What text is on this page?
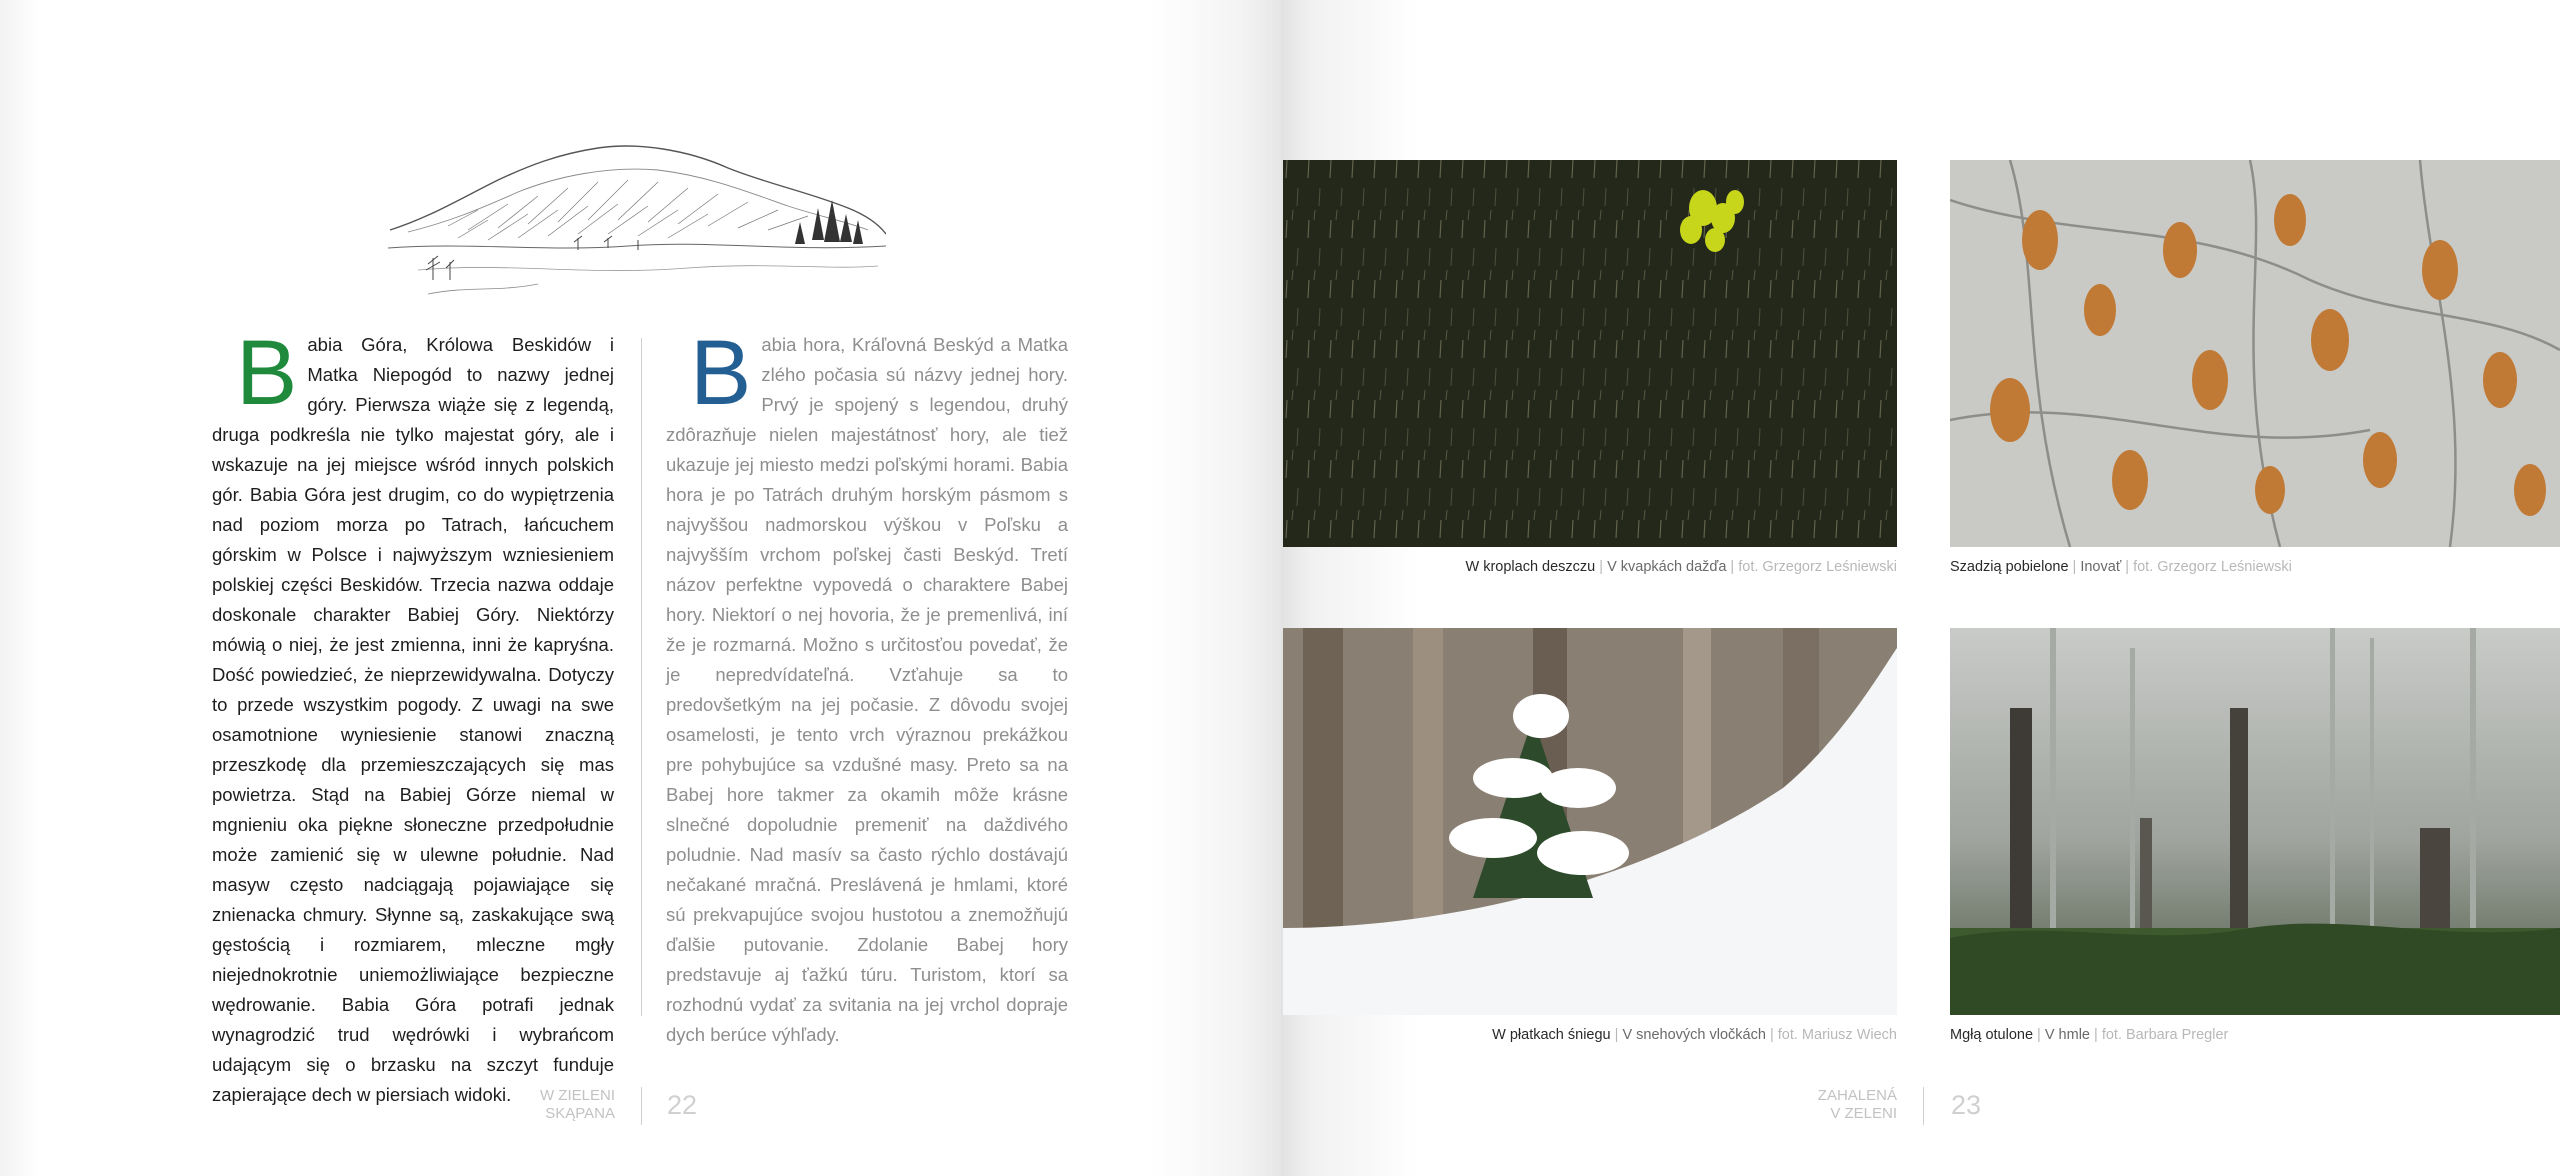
B abia Góra, Królowa Beskidów i Matka Niepogód to nazwy jednej góry. Pierwsza wiąże się z legendą, druga podkreśla nie tylko majestat góry, ale i wskazuje na jej miejsce wśród innych polskich gór. Babia Góra jest drugim, co do wypiętrzenia nad poziom morza po Tatrach, łańcuchem górskim w Polsce i najwyższym wzniesieniem polskiej części Beskidów. Trzecia nazwa oddaje doskonale charakter Babiej Góry. Niektórzy mówią o niej, że jest zmienna, inni że kapryśna. Dość powiedzieć, że nieprzewidywalna. Dotyczy to przede wszystkim pogody. Z uwagi na swe osamotnione wyniesienie stanowi znaczną przeszkodę dla przemieszczających się mas powietrza. Stąd na Babiej Górze niemal w mgnieniu oka piękne słoneczne przedpołudnie może zamienić się w ulewne południe. Nad masyw często nadciągają pojawiające się znienacka chmury. Słynne są, zaskakujące swą gęstością i rozmiarem, mleczne mgły niejednokrotnie uniemożliwiające bezpieczne wędrowanie. Babia Góra potrafi jednak wynagrodzić trud wędrówki i wybrańcom udającym się o brzasku na szczyt funduje zapierające dech w piersiach widoki.
B abia hora, Kráľovná Beskýd a Matka zlého počasia sú názvy jednej hory. Prvý je spojený s legendou, druhý zdôrazňuje nielen majestátnosť hory, ale tiež ukazuje jej miesto medzi poľskými horami. Babia hora je po Tatrách druhým horským pásmom s najvyššou nadmorskou výškou v Poľsku a najvyšším vrchom poľskej časti Beskýd. Tretí názov perfektne vypovedá o charaktere Babej hory. Niektorí o nej hovoria, že je premenlivá, iní že je rozmarná. Možno s určitosťou povedať, že je nepredvídateľná. Vzťahuje sa to predovšetkým na jej počasie. Z dôvodu svojej osamelosti, je tento vrch výraznou prekážkou pre pohybujúce sa vzdušné masy. Preto sa na Babej hore takmer za okamih môže krásne slnečné dopoludnie premeniť na daždivého poludnie. Nad masív sa často rýchlo dostávajú nečakané mračná. Preslávená je hmlami, ktoré sú prekvapujúce svojou hustotou a znemožňujú ďalšie putovanie. Zdolanie Babej hory predstavuje aj ťažkú túru. Turistom, ktorí sa rozhodnú vydať za svitania na jej vrchol dopraje dych berúce výhľady.
W ZIELENI
SKĄPANA 22
W kroplach deszczu | V kvapkách dažďa | fot. Grzegorz Leśniewski	Szadzią pobielone | Inovať | fot. Grzegorz Leśniewski
W płatkach śniegu | V snehových vločkách | fot. Mariusz Wiech	Mgłą otulone | V hmle | fot. Barbara Pregler
ZAHALENÁ
V ZELENI 23
